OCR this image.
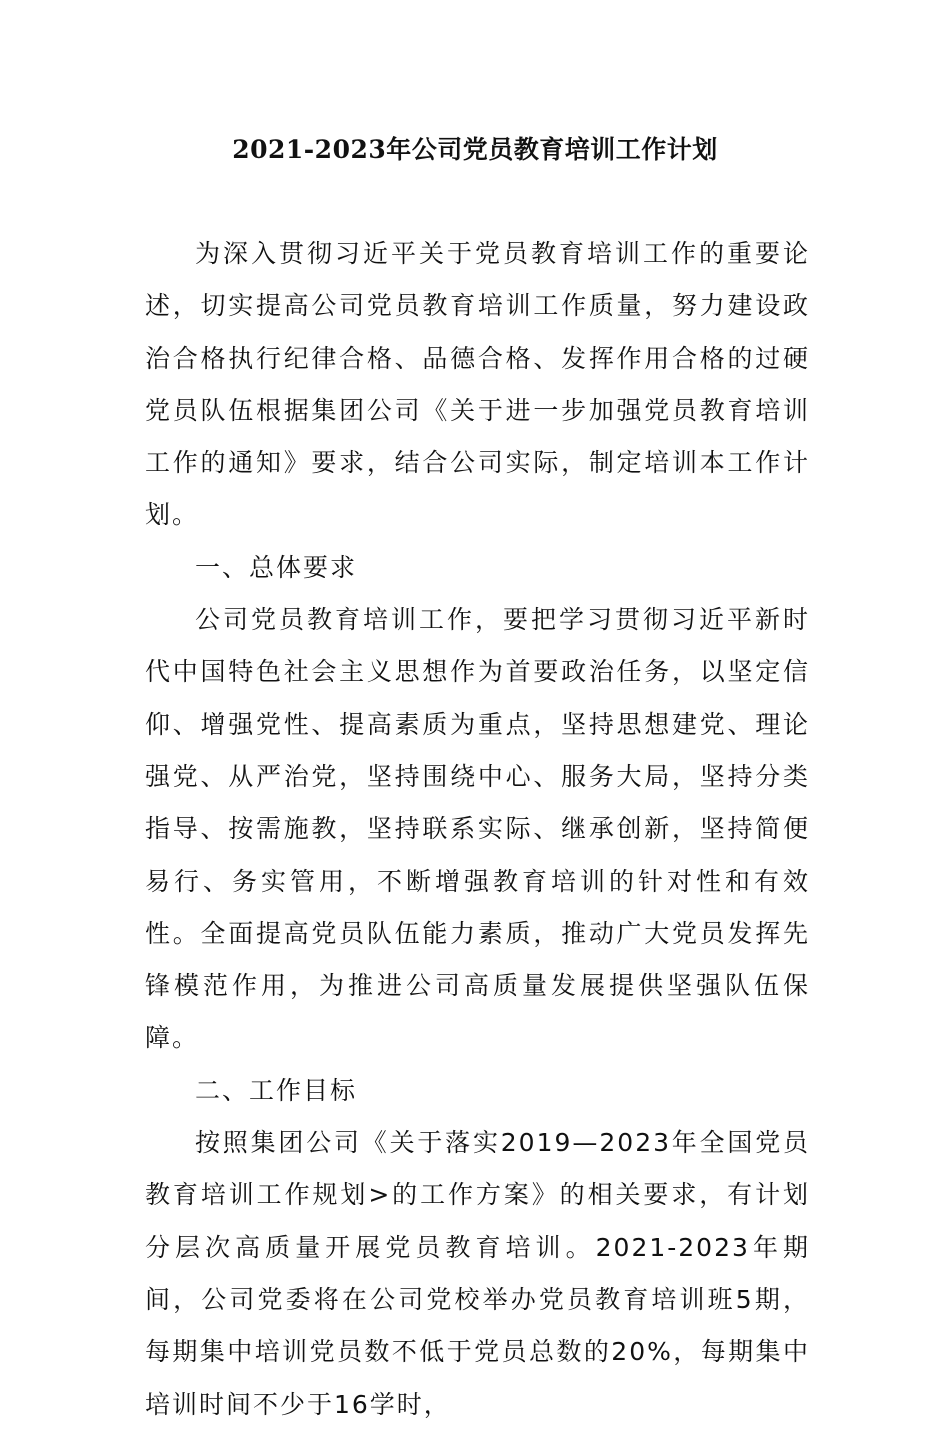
2021-2023年公司党员教育培训工作计划

为深入贯彻习近平关于党员教育培训工作的重要论述，切实提高公司党员教育培训工作质量，努力建设政治合格执行纪律合格、品德合格、发挥作用合格的过硬党员队伍根据集团公司《关于进一步加强党员教育培训工作的通知》要求，结合公司实际，制定培训本工作计划。

一、总体要求

公司党员教育培训工作，要把学习贯彻习近平新时代中国特色社会主义思想作为首要政治任务，以坚定信仰、增强党性、提高素质为重点，坚持思想建党、理论强党、从严治党，坚持围绕中心、服务大局，坚持分类指导、按需施教，坚持联系实际、继承创新，坚持简便易行、务实管用，不断增强教育培训的针对性和有效性。全面提高党员队伍能力素质，推动广大党员发挥先锋模范作用，为推进公司高质量发展提供坚强队伍保障。

二、工作目标

按照集团公司《关于落实2019—2023年全国党员教育培训工作规划>的工作方案》的相关要求，有计划分层次高质量开展党员教育培训。2021-2023年期间，公司党委将在公司党校举办党员教育培训班5期，每期集中培训党员数不低于党员总数的20%，每期集中培训时间不少于16学时，
